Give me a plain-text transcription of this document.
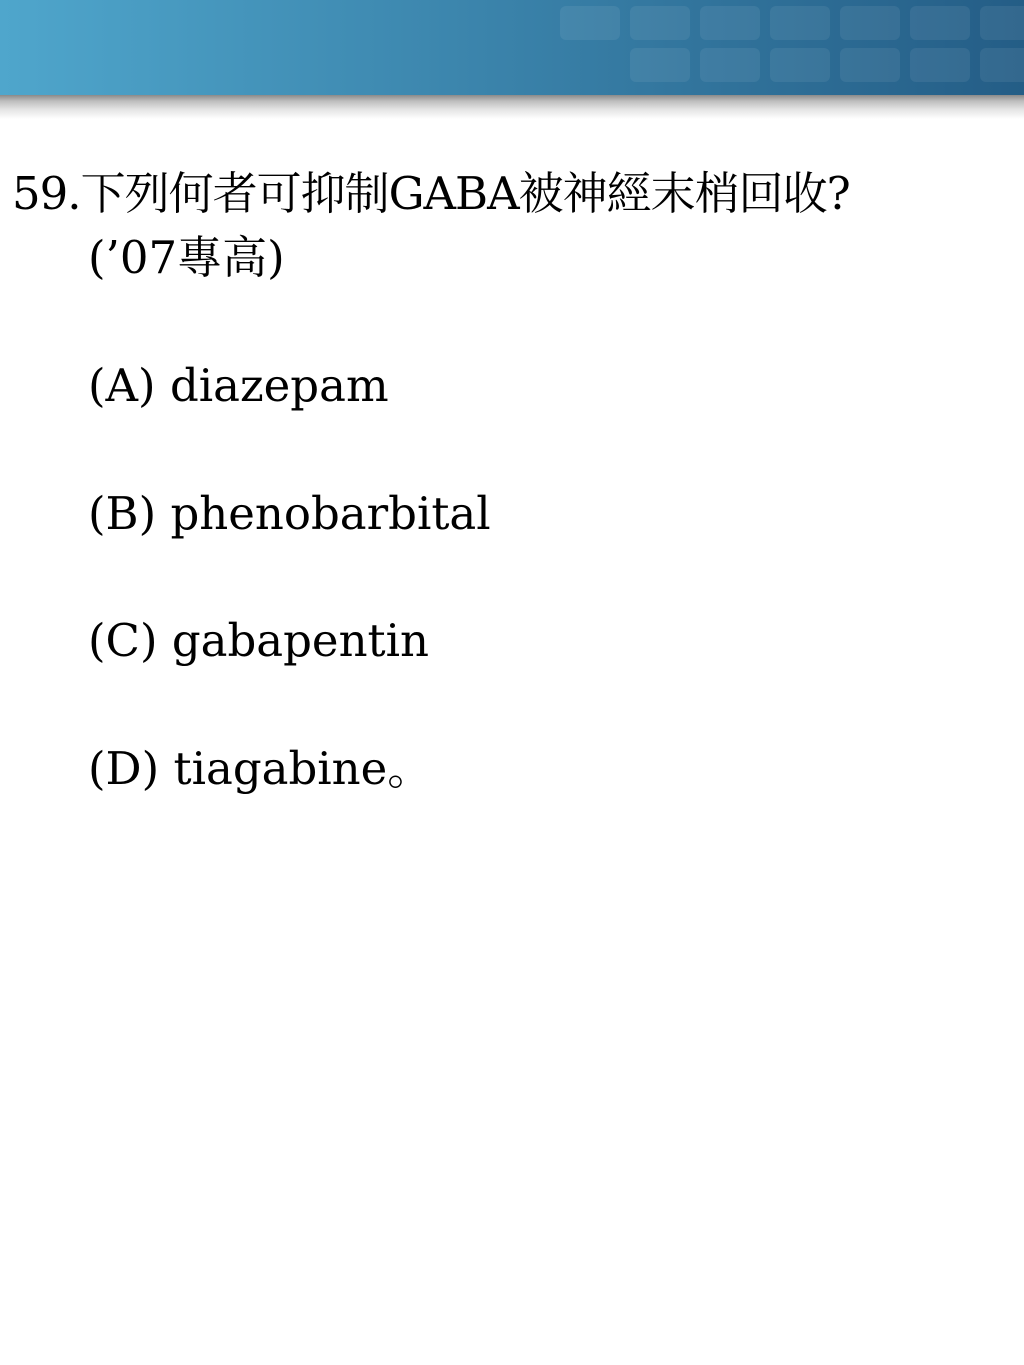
59.下列何者可抑制GABA被神經末梢回收?
(’07專高)
(A) diazepam
(B) phenobarbital
(C) gabapentin
(D) tiagabine。
